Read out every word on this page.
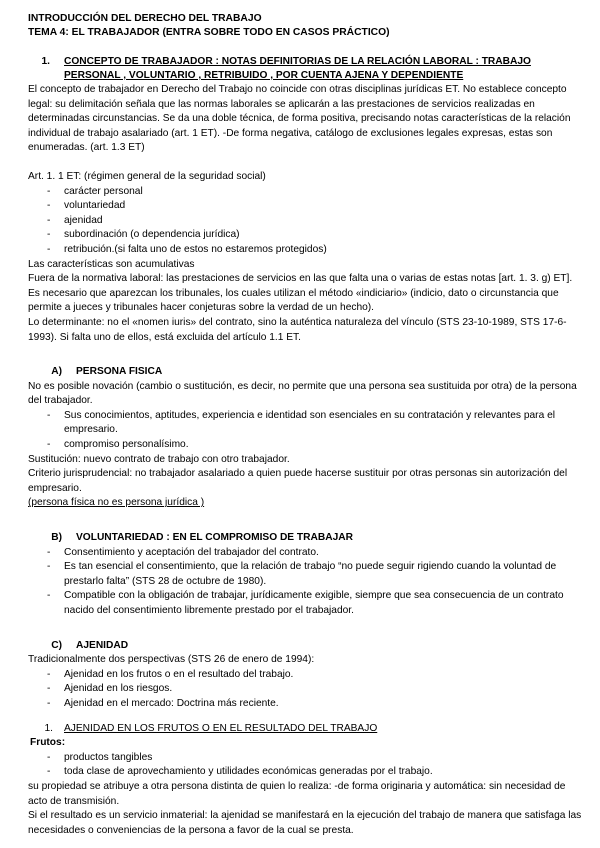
INTRODUCCIÓN DEL DERECHO DEL TRABAJO
TEMA 4: EL TRABAJADOR (ENTRA SOBRE TODO EN CASOS PRÁCTICO)
1.	CONCEPTO DE TRABAJADOR : NOTAS DEFINITORIAS DE LA RELACIÓN LABORAL : TRABAJO PERSONAL , VOLUNTARIO , RETRIBUIDO , POR CUENTA AJENA Y DEPENDIENTE

El concepto de trabajador en Derecho del Trabajo no coincide con otras disciplinas jurídicas ET. No establece concepto legal: su delimitación señala que las normas laborales se aplicarán a las prestaciones de servicios realizadas en determinadas circunstancias. Se da una doble técnica, de forma positiva, precisando notas características de la relación individual de trabajo asalariado (art. 1 ET). -De forma negativa, catálogo de exclusiones legales expresas, estas son enumeradas. (art. 1.3 ET)

Art. 1. 1 ET: (régimen general de la seguridad social)

- carácter personal
- voluntariedad
- ajenidad
- subordinación (o dependencia jurídica)
- retribución.(si falta uno de estos no estaremos protegidos)

Las características son acumulativas

Fuera de la normativa laboral: las prestaciones de servicios en las que falta una o varias de estas notas [art. 1. 3. g) ET]. Es necesario que aparezcan los tribunales, los cuales utilizan el método «indiciario» (indicio, dato o circunstancia que permite a jueces y tribunales hacer conjeturas sobre la verdad de un hecho).

Lo determinante: no el «nomen iuris» del contrato, sino la auténtica naturaleza del vínculo (STS 23-10-1989, STS 17-6-1993). Si falta uno de ellos, está excluida del artículo 1.1 ET.

A)	PERSONA FISICA

No es posible novación (cambio o sustitución, es decir, no permite que una persona sea sustituida por otra) de la persona del trabajador.

- Sus conocimientos, aptitudes, experiencia e identidad son esenciales en su contratación y relevantes para el empresario.
- compromiso personalísimo.

Sustitución: nuevo contrato de trabajo con otro trabajador.

Criterio jurisprudencial: no trabajador asalariado a quien puede hacerse sustituir por otras personas sin autorización del empresario.

(persona física no es persona jurídica )

B)	VOLUNTARIEDAD : EN EL COMPROMISO DE TRABAJAR
- Consentimiento y aceptación del trabajador del contrato.
- Es tan esencial el consentimiento, que la relación de trabajo “no puede seguir rigiendo cuando la voluntad de prestarlo falta” (STS 28 de octubre de 1980).
- Compatible con la obligación de trabajar, jurídicamente exigible, siempre que sea consecuencia de un contrato nacido del consentimiento libremente prestado por el trabajador.
C)	AJENIDAD

Tradicionalmente dos perspectivas (STS 26 de enero de 1994):

- Ajenidad en los frutos o en el resultado del trabajo.
- Ajenidad en los riesgos.
- Ajenidad en el mercado: Doctrina más reciente.
1.	AJENIDAD EN LOS FRUTOS O EN EL RESULTADO DEL TRABAJO

Frutos:

- productos tangibles
- toda clase de aprovechamiento y utilidades económicas generadas por el trabajo.

su propiedad se atribuye a otra persona distinta de quien lo realiza: -de forma originaria y automática: sin necesidad de acto de transmisión.

Si el resultado es un servicio inmaterial: la ajenidad se manifestará en la ejecución del trabajo de manera que satisfaga las necesidades o conveniencias de la persona a favor de la cual se presta.
